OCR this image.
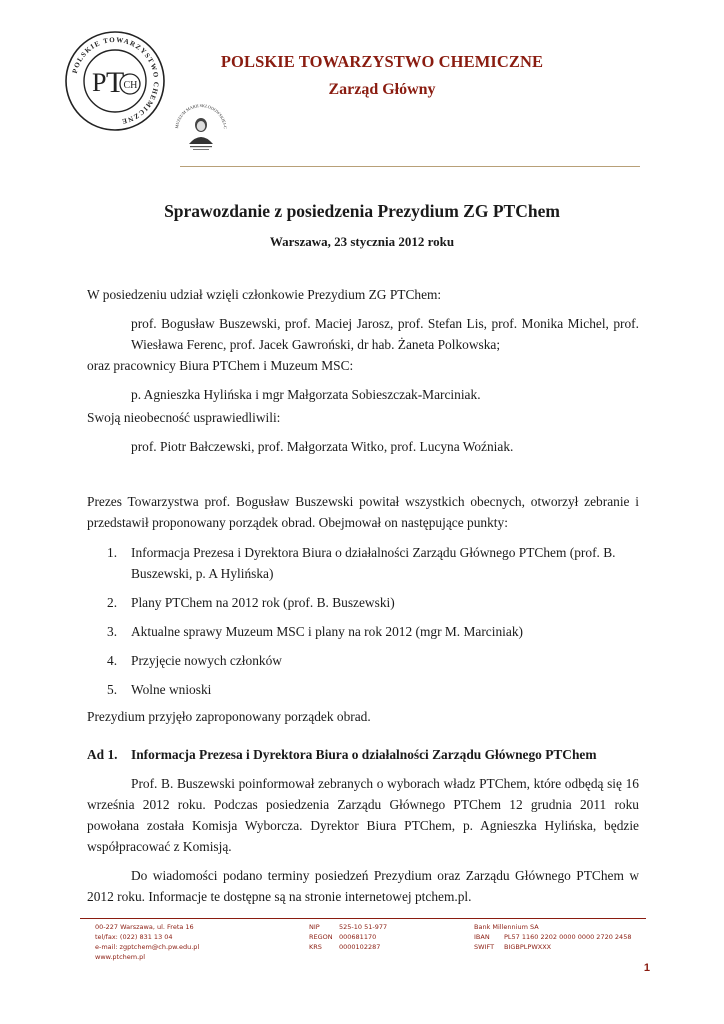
POLSKIE TOWARZYSTWO CHEMICZNE
P T CH
MUZEUM MARII SKŁODOWSKIEJ-C
POLSKIE TOWARZYSTWO CHEMICZNE
Zarząd Główny
Sprawozdanie z posiedzenia Prezydium ZG PTChem
Warszawa, 23 stycznia 2012 roku

W posiedzeniu udział wzięli członkowie Prezydium ZG PTChem:

prof. Bogusław Buszewski, prof. Maciej Jarosz, prof. Stefan Lis, prof. Monika Michel, prof. Wiesława Ferenc, prof. Jacek Gawroński, dr hab. Żaneta Polkowska;

oraz pracownicy Biura PTChem i Muzeum MSC:

p. Agnieszka Hylińska i mgr Małgorzata Sobieszczak-Marciniak.

Swoją nieobecność usprawiedliwili:

prof. Piotr Bałczewski, prof. Małgorzata Witko, prof. Lucyna Woźniak.

Prezes Towarzystwa prof. Bogusław Buszewski powitał wszystkich obecnych, otworzył zebranie i przedstawił proponowany porządek obrad. Obejmował on następujące punkty:

1. Informacja Prezesa i Dyrektora Biura o działalności Zarządu Głównego PTChem (prof. B. Buszewski, p. A Hylińska)
2. Plany PTChem na 2012 rok (prof. B. Buszewski)
3. Aktualne sprawy Muzeum MSC i plany na rok 2012 (mgr M. Marciniak)
4. Przyjęcie nowych członków
5. Wolne wnioski

Prezydium przyjęło zaproponowany porządek obrad.

Ad 1. Informacja Prezesa i Dyrektora Biura o działalności Zarządu Głównego PTChem

Prof. B. Buszewski poinformował zebranych o wyborach władz PTChem, które odbędą się 16 września 2012 roku. Podczas posiedzenia Zarządu Głównego PTChem 12 grudnia 2011 roku powołana została Komisja Wyborcza. Dyrektor Biura PTChem, p. Agnieszka Hylińska, będzie współpracować z Komisją.

Do wiadomości podano terminy posiedzeń Prezydium oraz Zarządu Głównego PTChem w 2012 roku. Informacje te dostępne są na stronie internetowej ptchem.pl.

00-227 Warszawa, ul. Freta 16
tel/fax: (022) 831 13 04
e-mail: zgptchem@ch.pw.edu.pl
www.ptchem.pl
NIP	525-10 51-977
REGON 000681170
KRS	0000102287
Bank Millennium SA
IBAN PL57 1160 2202 0000 0000 2720 2458
SWIFT BIGBPLPWXXX
1
